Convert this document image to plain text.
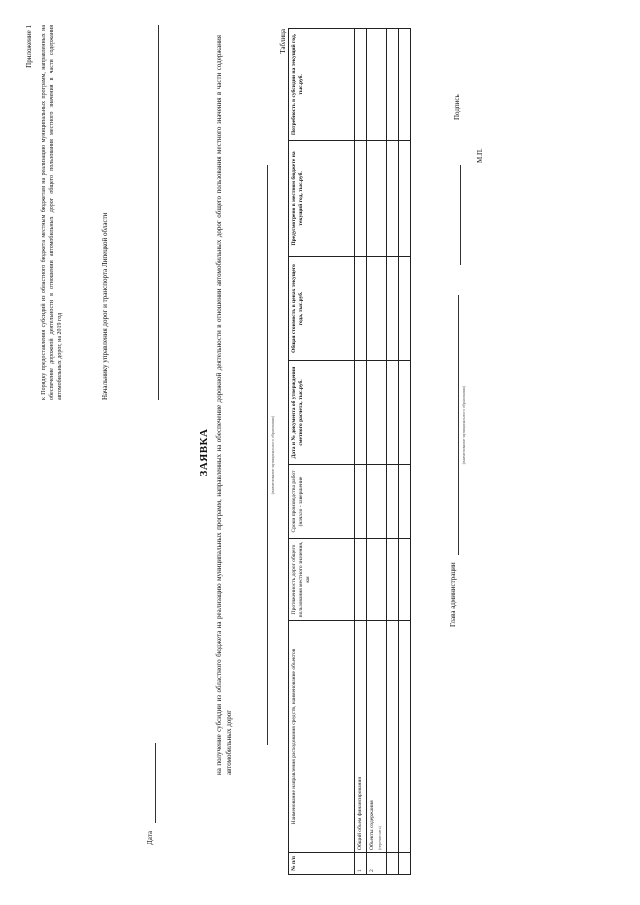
Приложение 1 к Порядку предоставления субсидий из областного бюджета местным бюджетам на реализацию муниципальных программ, направленных на обеспечение дорожной деятельности в отношении автомобильных дорог общего пользования местного значения в части содержания автомобильных дорог, на 2019 год	Начальнику управления дорог и транспорта Липецкой области
Дата
ЗАЯВКА на получение субсидии из областного бюджета на реализацию муниципальных программ, направленных на обеспечение дорожной деятельности в отношении автомобильных дорог общего пользования местного значения в части содержания автомобильных дорог
(наименование муниципального образования)
Таблица
№ п/п	Наименование направления расходования средств, наименование объектов	Протяженность дорог общего пользования местного значения, км	Сроки производства работ (начало - завершение	Дата и № документа об утверждении сметного расчета, тыс.руб.	Общая стоимость в ценах текущего года, тыс.руб.	Предусмотрено в местном бюджете на текущий год, тыс.руб.	Потребность в субсидии на текущий год, тыс.руб.
1	Общий объем финансирования						
2	Объекты содержания (перечислить)						

Глава администрации
(наименование муниципального образования)
М.П.
Подпись
